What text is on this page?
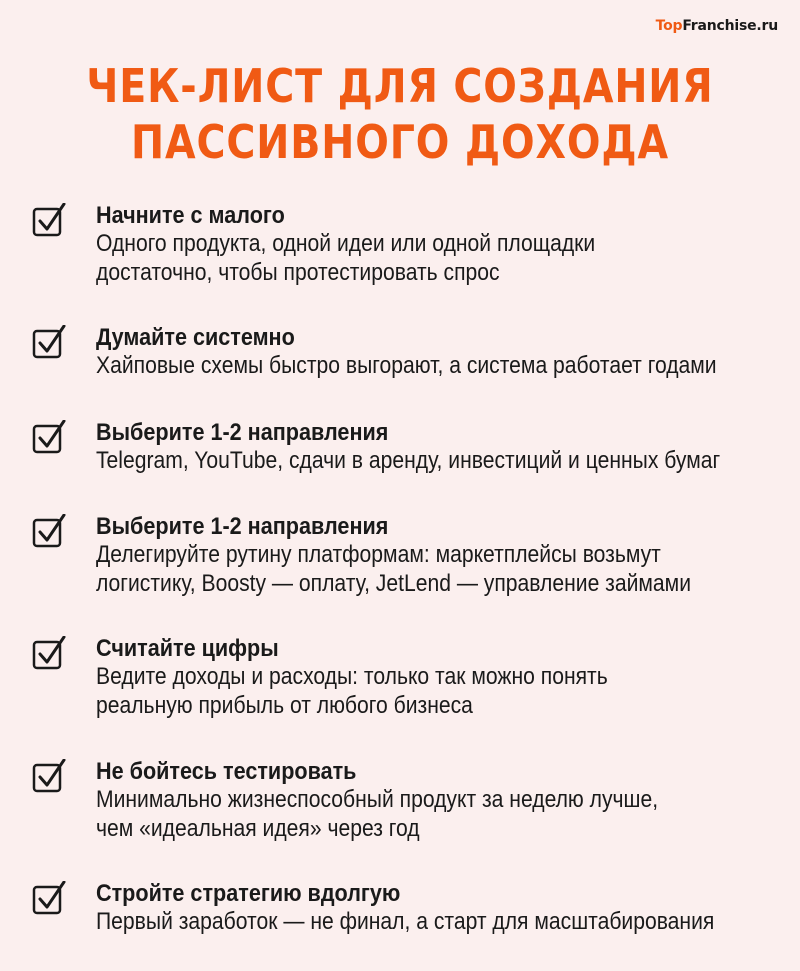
TopFranchise.ru
ЧЕК-ЛИСТ ДЛЯ СОЗДАНИЯ
ПАССИВНОГО ДОХОДА
Начните с малого
Одного продукта, одной идеи или одной площадки
достаточно, чтобы протестировать спрос
Думайте системно
Хайповые схемы быстро выгорают, а система работает годами
Выберите 1-2 направления
Telegram, YouTube, сдачи в аренду, инвестиций и ценных бумаг
Выберите 1-2 направления
Делегируйте рутину платформам: маркетплейсы возьмут
логистику, Boosty — оплату, JetLend — управление займами
Считайте цифры
Ведите доходы и расходы: только так можно понять
реальную прибыль от любого бизнеса
Не бойтесь тестировать
Минимально жизнеспособный продукт за неделю лучше,
чем «идеальная идея» через год
Стройте стратегию вдолгую
Первый заработок — не финал, а старт для масштабирования
